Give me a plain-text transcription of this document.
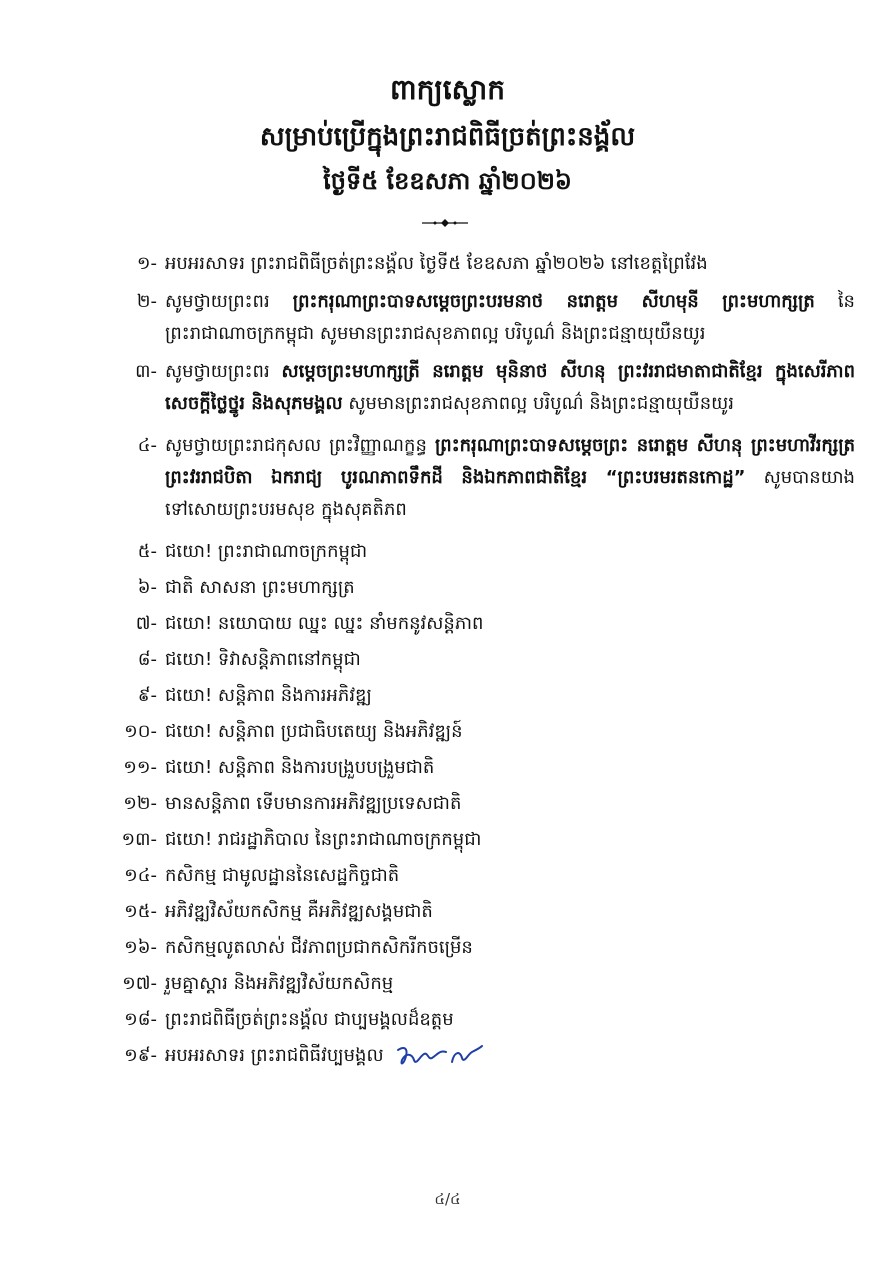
ពាក្យស្លោក
សម្រាប់ប្រើក្នុងព្រះរាជពិធីច្រត់ព្រះនង្គ័ល
ថ្ងៃទី៥ ខែឧសភា ឆ្នាំ២០២៦
១- អបអរសាទរ ព្រះរាជពិធីច្រត់ព្រះនង្គ័ល ថ្ងៃទី៥ ខែឧសភា ឆ្នាំ២០២៦ នៅខេត្តព្រៃវែង
២- សូមថ្វាយព្រះពរ ព្រះករុណាព្រះបាទសម្តេចព្រះបរមនាថ នរោត្តម សីហមុនី ព្រះមហាក្សត្រ នៃព្រះរាជាណាចក្រកម្ពុជា សូមមានព្រះរាជសុខភាពល្អ បរិបូណ៌ និងព្រះជន្មាយុយឺនយូរ
៣- សូមថ្វាយព្រះពរ សម្តេចព្រះមហាក្សត្រី នរោត្តម មុនិនាថ សីហនុ ព្រះវររាជមាតាជាតិខ្មែរ ក្នុងសេរីភាព សេចក្តីថ្លៃថ្នូរ និងសុភមង្គល សូមមានព្រះរាជសុខភាពល្អ បរិបូណ៌ និងព្រះជន្មាយុយឺនយូរ
៤- សូមថ្វាយព្រះរាជកុសល ព្រះវិញ្ញាណក្ខន្ធ ព្រះករុណាព្រះបាទសម្តេចព្រះ នរោត្តម សីហនុ ព្រះមហាវីរក្សត្រ ព្រះវររាជបិតា ឯករាជ្យ បូរណភាពទឹកដី និងឯកភាពជាតិខ្មែរ “ព្រះបរមរតនកោដ្ឋ” សូមបានយាងទៅសោយព្រះបរមសុខ ក្នុងសុគតិភព
៥- ជយោ! ព្រះរាជាណាចក្រកម្ពុជា
៦- ជាតិ សាសនា ព្រះមហាក្សត្រ
៧- ជយោ! នយោបាយ ឈ្នះ ឈ្នះ នាំមកនូវសន្តិភាព
៨- ជយោ! ទិវាសន្តិភាពនៅកម្ពុជា
៩- ជយោ! សន្តិភាព និងការអភិវឌ្ឍ
១០- ជយោ! សន្តិភាព ប្រជាធិបតេយ្យ និងអភិវឌ្ឍន៍
១១- ជយោ! សន្តិភាព និងការបង្រួបបង្រួមជាតិ
១២- មានសន្តិភាព ទើបមានការអភិវឌ្ឍប្រទេសជាតិ
១៣- ជយោ! រាជរដ្ឋាភិបាល នៃព្រះរាជាណាចក្រកម្ពុជា
១៤- កសិកម្ម ជាមូលដ្ឋាននៃសេដ្ឋកិច្ចជាតិ
១៥- អភិវឌ្ឍវិស័យកសិកម្ម គឺអភិវឌ្ឍសង្គមជាតិ
១៦- កសិកម្មលូតលាស់ ជីវភាពប្រជាកសិករីកចម្រើន
១៧- រួមគ្នាស្តារ និងអភិវឌ្ឍវិស័យកសិកម្ម
១៨- ព្រះរាជពិធីច្រត់ព្រះនង្គ័ល ជាប្បមង្គលដ៏ឧត្តម
១៩- អបអរសាទរ ព្រះរាជពិធីវប្បមង្គល
៤/៤
